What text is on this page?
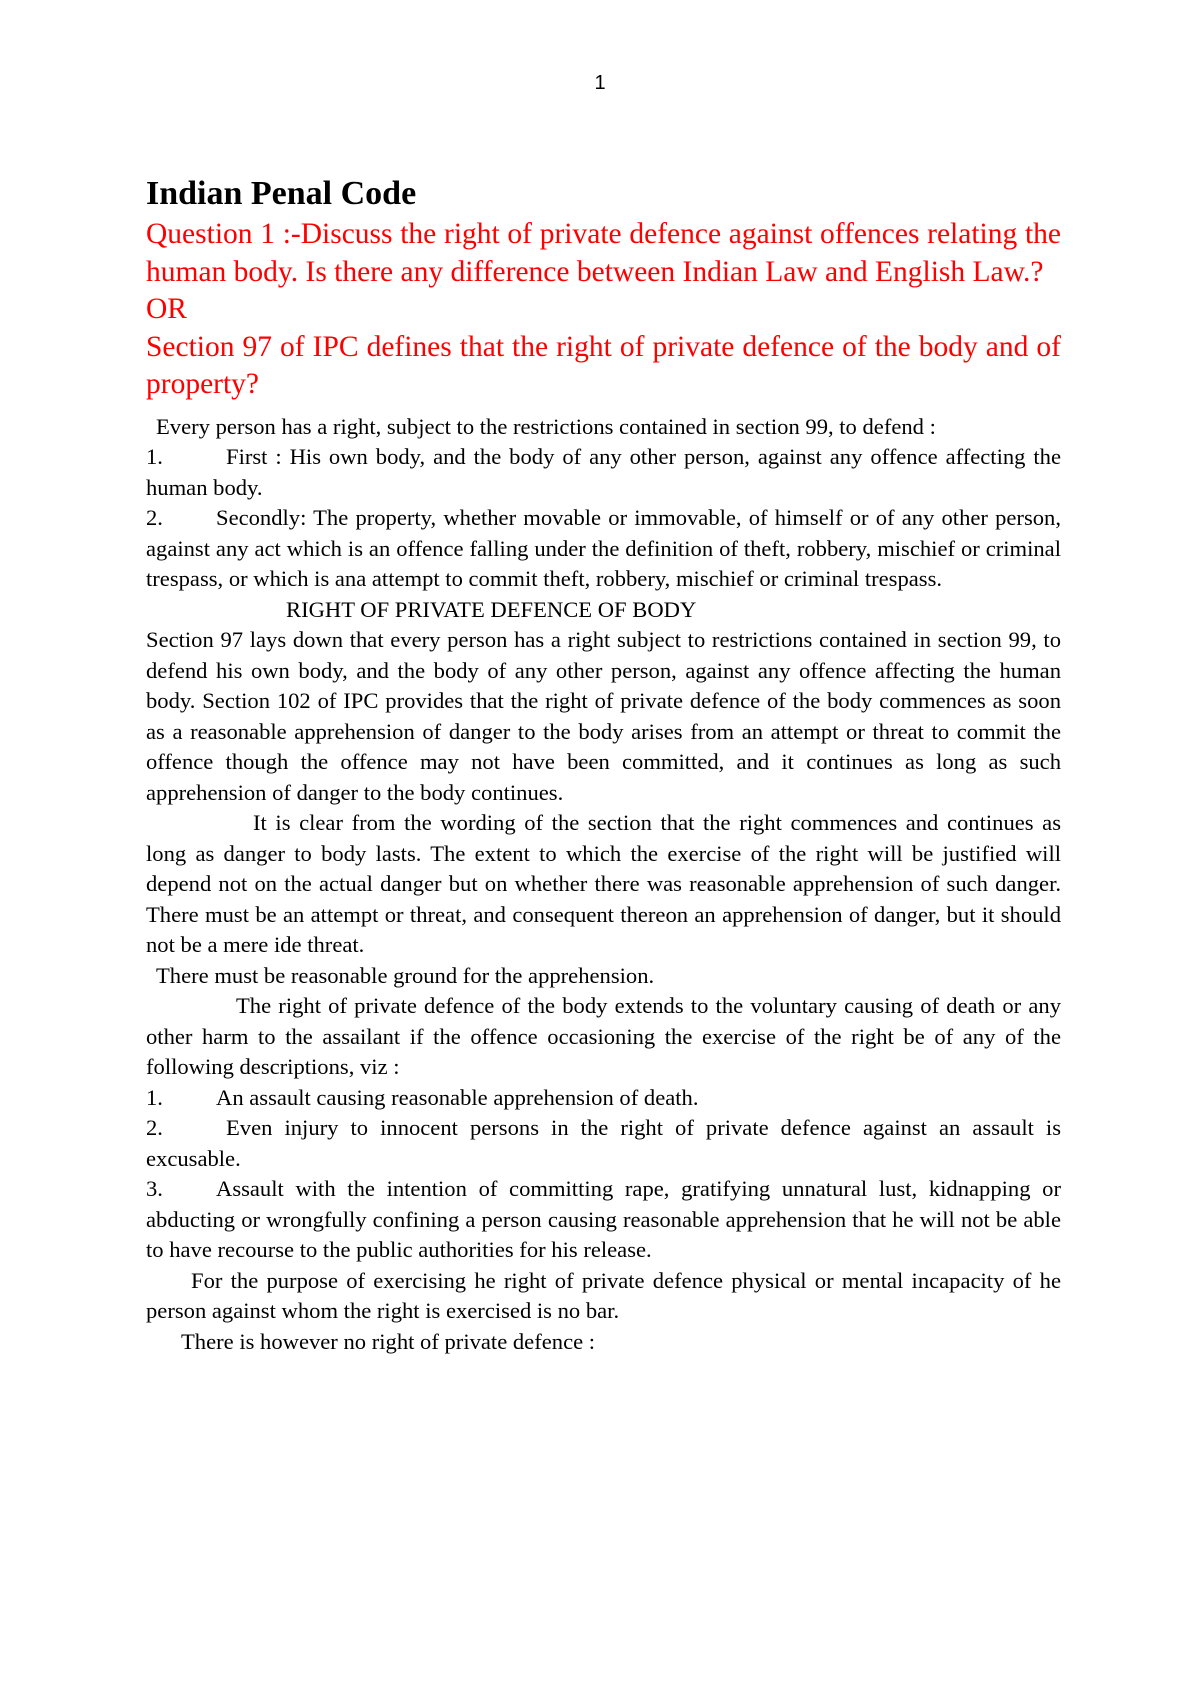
1
Indian Penal Code

Question 1 :-Discuss the right of private defence against offences relating the human body. Is there any difference between Indian Law and English Law.?

OR

Section 97 of IPC defines that the right of private defence of the body and of property?

Every person has a right, subject to the restrictions contained in section 99, to defend :

1.	First : His own body, and the body of any other person, against any offence affecting the human body.

2. Secondly: The property, whether movable or immovable, of himself or of any other person, against any act which is an offence falling under the definition of theft, robbery, mischief or criminal trespass, or which is ana attempt to commit theft, robbery, mischief or criminal trespass.

RIGHT OF PRIVATE DEFENCE OF BODY

Section 97 lays down that every person has a right subject to restrictions contained in section 99, to defend his own body, and the body of any other person, against any offence affecting the human body. Section 102 of IPC provides that the right of private defence of the body commences as soon as a reasonable apprehension of danger to the body arises from an attempt or threat to commit the offence though the offence may not have been committed, and it continues as long as such apprehension of danger to the body continues.

It is clear from the wording of the section that the right commences and continues as long as danger to body lasts. The extent to which the exercise of the right will be justified will depend not on the actual danger but on whether there was reasonable apprehension of such danger. There must be an attempt or threat, and consequent thereon an apprehension of danger, but it should not be a mere ide threat.

There must be reasonable ground for the apprehension.

The right of private defence of the body extends to the voluntary causing of death or any other harm to the assailant if the offence occasioning the exercise of the right be of any of the following descriptions, viz :

1. An assault causing reasonable apprehension of death.

2.	Even injury to innocent persons in the right of private defence against an assault is excusable.

3. Assault with the intention of committing rape, gratifying unnatural lust, kidnapping or abducting or wrongfully confining a person causing reasonable apprehension that he will not be able to have recourse to the public authorities for his release.

For the purpose of exercising he right of private defence physical or mental incapacity of he person against whom the right is exercised is no bar.

There is however no right of private defence :
